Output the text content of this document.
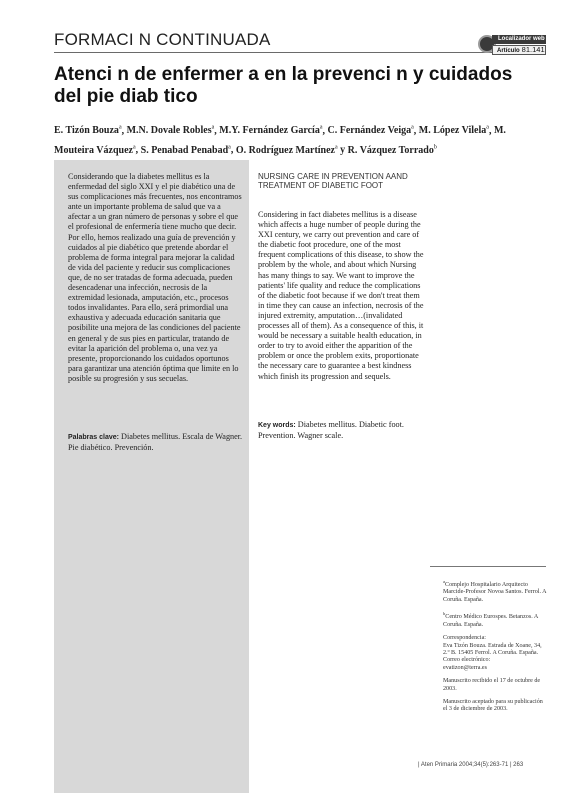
FORMACI N CONTINUADA	Localizador web
Artículo 81.141
Atenci n de enfermer a en la prevenci n y cuidados del pie diab tico
E. Tizón Bouza$^a$, M.N. Dovale Robles$^a$, M.Y. Fernández García$^a$, C. Fernández Veiga$^a$, M. López Vilela$^a$, M. Mouteira Vázquez$^a$, S. Penabad Penabad$^a$, O. Rodríguez Martínez$^a$ y R. Vázquez Torrado$^b$

Considerando que la diabetes mellitus es la enfermedad del siglo XXI y el pie diabético una de sus complicaciones más frecuentes, nos encontramos ante un importante problema de salud que va a afectar a un gran número de personas y sobre el que el profesional de enfermería tiene mucho que decir. Por ello, hemos realizado una guía de prevención y cuidados al pie diabético que pretende abordar el problema de forma integral para mejorar la calidad de vida del paciente y reducir sus complicaciones que, de no ser tratadas de forma adecuada, pueden desencadenar una infección, necrosis de la extremidad lesionada, amputación, etc., procesos todos invalidantes. Para ello, será primordial una exhaustiva y adecuada educación sanitaria que posibilite una mejora de las condiciones del paciente en general y de sus pies en particular, tratando de evitar la aparición del problema o, una vez ya presente, proporcionando los cuidados oportunos para garantizar una atención óptima que limite en lo posible su progresión y sus secuelas.

Palabras clave: Diabetes mellitus. Escala de Wagner. Pie diabético. Prevención.

NURSING CARE IN PREVENTION AAND TREATMENT OF DIABETIC FOOT

Considering in fact diabetes mellitus is a disease which affects a huge number of people during the XXI century, we carry out prevention and care of the diabetic foot procedure, one of the most frequent complications of this disease, to show the problem by the whole, and about which Nursing has many things to say. We want to improve the patients' life quality and reduce the complications of the diabetic foot because if we don't treat them in time they can cause an infection, necrosis of the injured extremity, amputation…(invalidated processes all of them). As a consequence of this, it would be necessary a suitable health education, in order to try to avoid either the apparition of the problem or once the problem exits, proportionate the necessary care to guarantee a best kindness which finish its progression and sequels.

Key words: Diabetes mellitus. Diabetic foot. Prevention. Wagner scale.

$^a$Complejo Hospitalario Arquitecto Marcide-Profesor Novoa Santos. Ferrol. A Coruña. España.

$^b$Centro Médico Eurospes. Betanzos. A Coruña. España.

Correspondencia:
Eva Tizón Bouza. Estrada de Xoane, 34, 2.º B. 15405 Ferrol. A Coruña. España.
Correo electrónico:
evatizon@terra.es

Manuscrito recibido el 17 de octubre de 2003.

Manuscrito aceptado para su publicación el 3 de diciembre de 2003.

| Aten Primaria 2004;34(5):263-71 | 263
